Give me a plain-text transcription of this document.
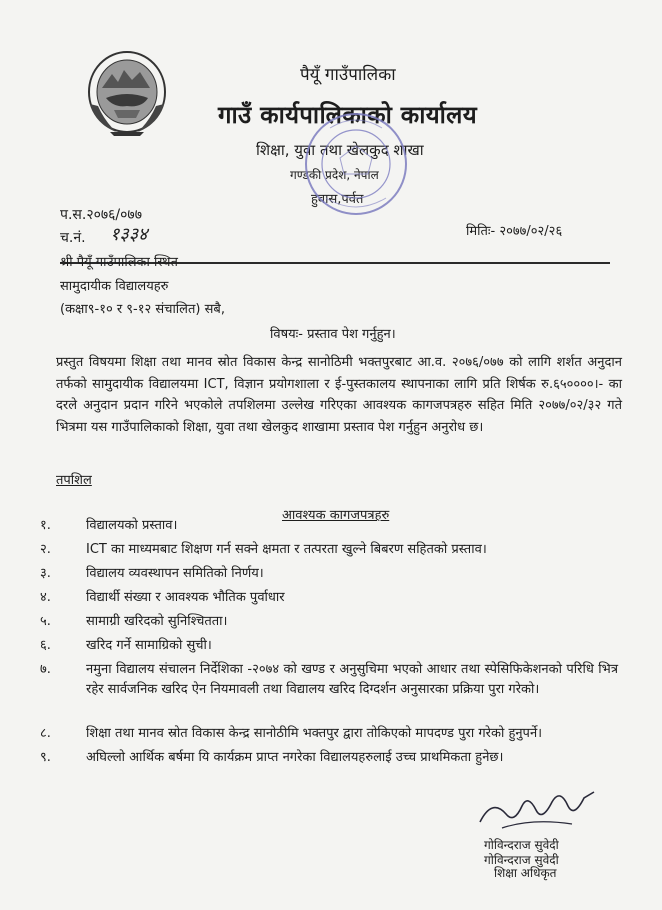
पैयूँ गाउँपालिका
गाउँ कार्यपालिकाको कार्यालय
शिक्षा, युवा तथा खेलकुद शाखा
गण्डकी प्रदेश, नेपाल
हुवास,पर्वत
प.स.२०७६/०७७
च.नं. १३३४	मितिः- २०७७/०२/२६
श्री पैयूँ गाउँपालिका स्थित
सामुदायीक विद्यालयहरु
(कक्षा९-१० र ९-१२ संचालित) सबै,
विषयः- प्रस्ताव पेश गर्नुहुन।
प्रस्तुत विषयमा शिक्षा तथा मानव स्रोत विकास केन्द्र सानोठिमी भक्तपुरबाट आ.व. २०७६/०७७ को लागि शर्शत अनुदान तर्फको सामुदायीक विद्यालयमा ICT, विज्ञान प्रयोगशाला र ई-पुस्तकालय स्थापनाका लागि प्रति शिर्षक रु.६५००००।- का दरले अनुदान प्रदान गरिने भएकोले तपशिलमा उल्लेख गरिएका आवश्यक कागजपत्रहरु सहित मिति २०७७/०२/३२ गते भित्रमा यस गाउँपालिकाको शिक्षा, युवा तथा खेलकुद शाखामा प्रस्ताव पेश गर्नुहुन अनुरोध छ।
तपशिल
आवश्यक कागजपत्रहरु
१.	विद्यालयको प्रस्ताव।
२.	ICT का माध्यमबाट शिक्षण गर्न सक्ने क्षमता र तत्परता खुल्ने बिबरण सहितको प्रस्ताव।
३.	विद्यालय व्यवस्थापन समितिको निर्णय।
४.	विद्यार्थी संख्या र आवश्यक भौतिक पुर्वाधार
५.	सामाग्री खरिदको सुनिश्चितता।
६.	खरिद गर्ने सामाग्रिको सुची।
७.	नमुना विद्यालय संचालन निर्देशिका -२०७४ को खण्ड र अनुसुचिमा भएको आधार तथा स्पेसिफिकेशनको परिधि भित्र रहेर सार्वजनिक खरिद ऐन नियमावली तथा विद्यालय खरिद दिग्दर्शन अनुसारका प्रक्रिया पुरा गरेको।
८.	शिक्षा तथा मानव स्रोत विकास केन्द्र सानोठीमि भक्तपुर द्वारा तोकिएको मापदण्ड पुरा गरेको हुनुपर्ने।
९.	अघिल्लो आर्थिक बर्षमा यि कार्यक्रम प्राप्त नगरेका विद्यालयहरुलाई उच्च प्राथमिकता हुनेछ।
गोविन्दराज सुवेदी
गोविन्दराज सुवेदी
शिक्षा अधिकृत
